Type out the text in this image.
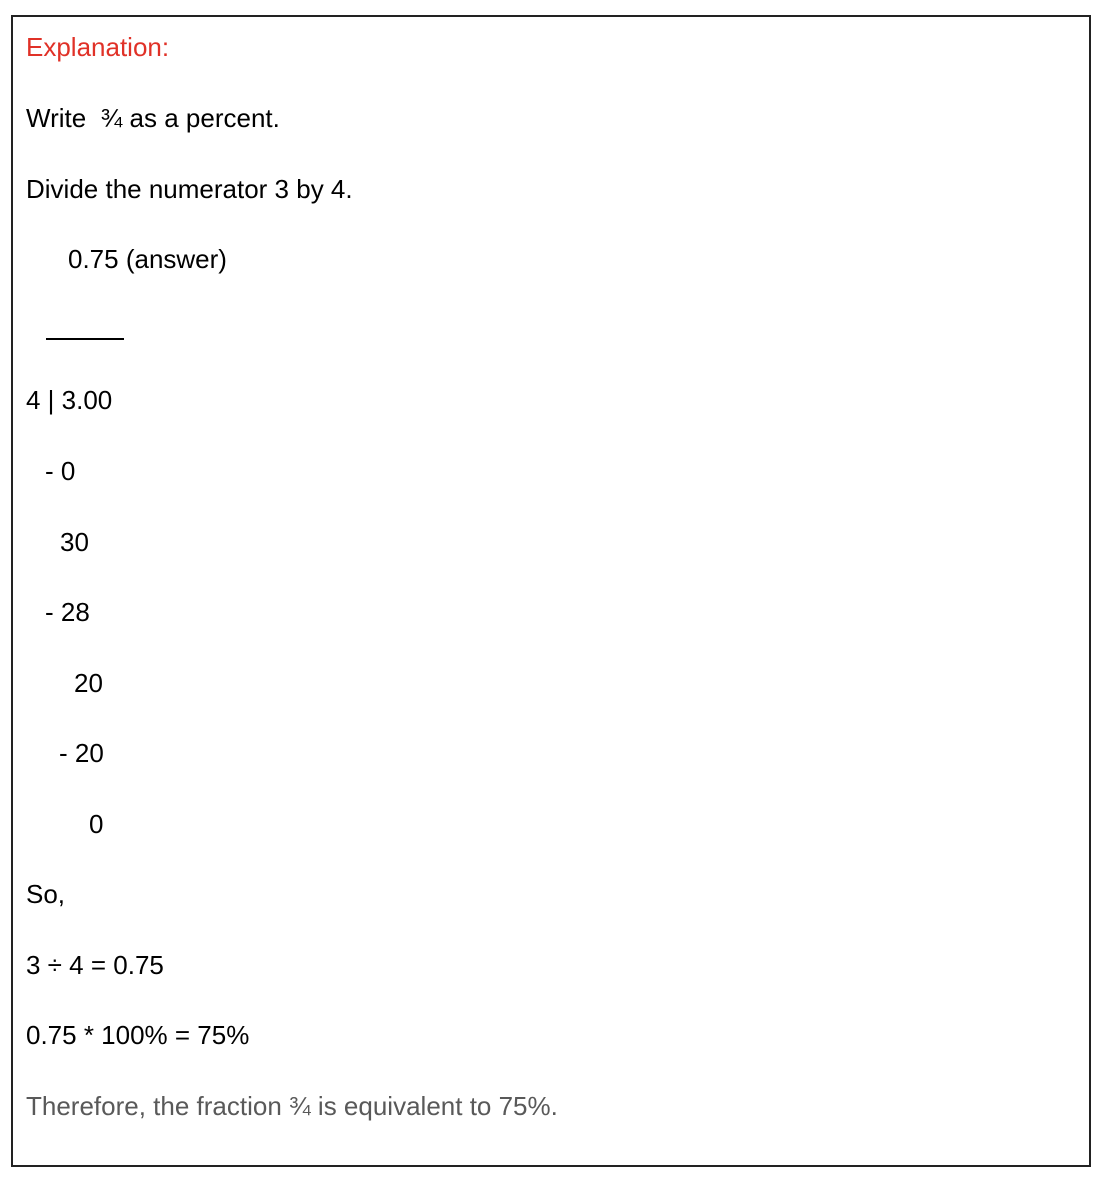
Explanation:

Write  ¾ as a percent.

Divide the numerator 3 by 4.

0.75 (answer)

4 | 3.00

- 0

30

- 28

20

- 20

0

So,

3 ÷ 4 = 0.75

0.75 * 100% = 75%

Therefore, the fraction ¾ is equivalent to 75%.
